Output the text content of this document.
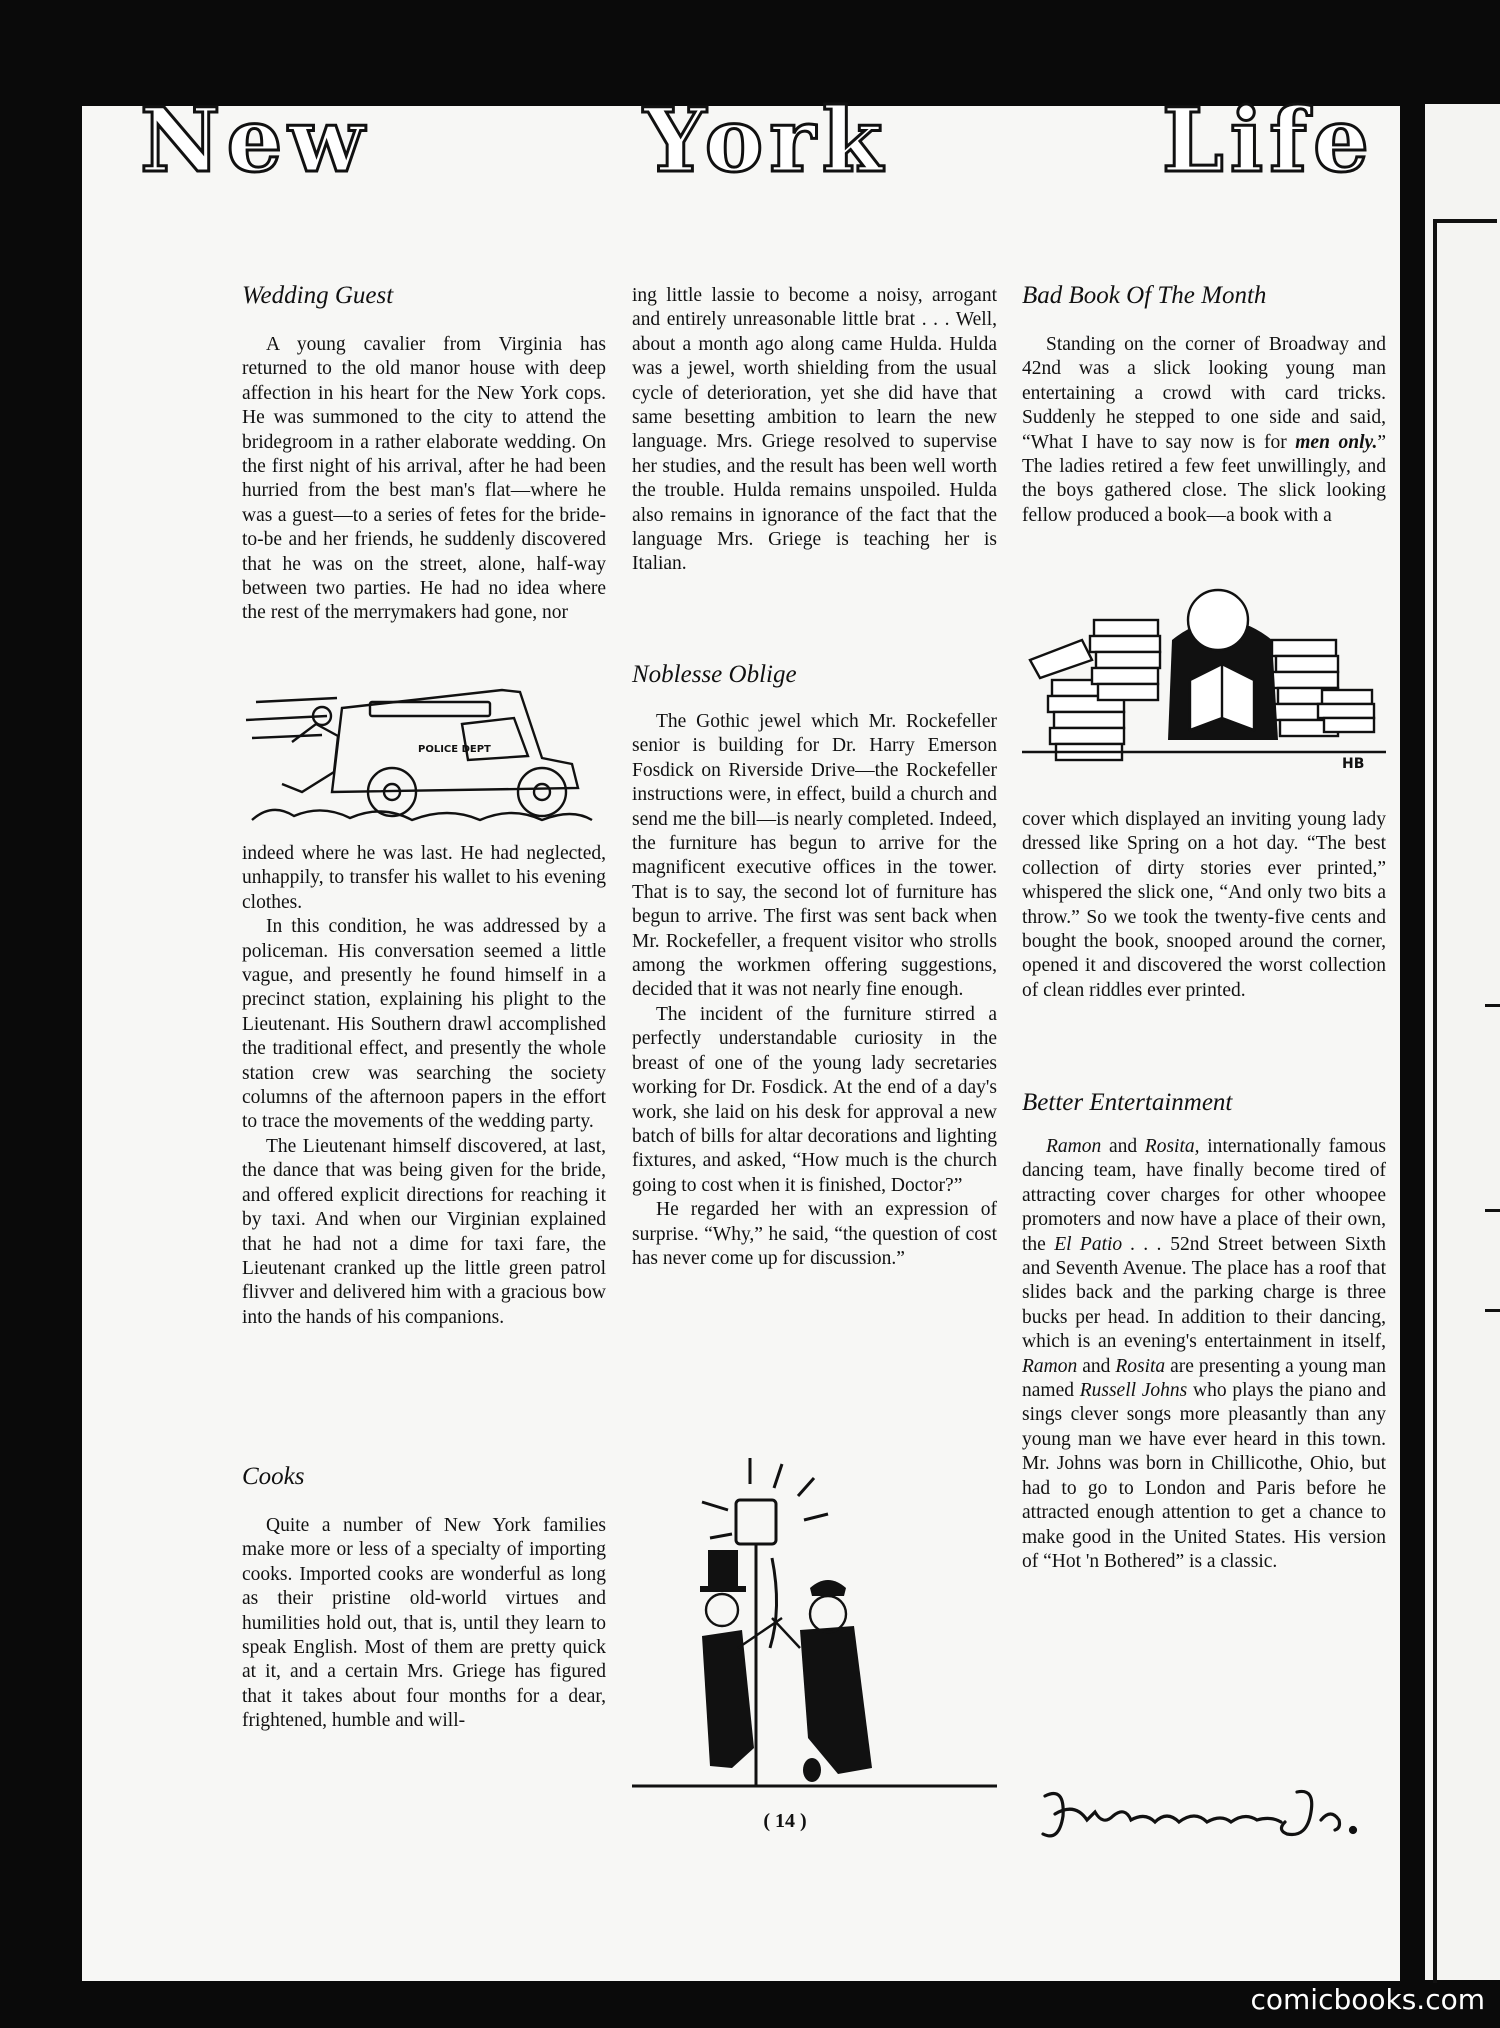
New	York	Life
Wedding Guest

A young cavalier from Virginia has returned to the old manor house with deep affection in his heart for the New York cops. He was summoned to the city to attend the bridegroom in a rather elaborate wedding. On the first night of his arrival, after he had been hurried from the best man's flat—where he was a guest—to a series of fetes for the bride-to-be and her friends, he suddenly discovered that he was on the street, alone, half-way between two parties. He had no idea where the rest of the merrymakers had gone, nor

POLICE DEPT

indeed where he was last. He had neglected, unhappily, to transfer his wallet to his evening clothes.

In this condition, he was addressed by a policeman. His conversation seemed a little vague, and presently he found himself in a precinct station, explaining his plight to the Lieutenant. His Southern drawl accomplished the traditional effect, and presently the whole station crew was searching the society columns of the afternoon papers in the effort to trace the movements of the wedding party.

The Lieutenant himself discovered, at last, the dance that was being given for the bride, and offered explicit directions for reaching it by taxi. And when our Virginian explained that he had not a dime for taxi fare, the Lieutenant cranked up the little green patrol flivver and delivered him with a gracious bow into the hands of his companions.

Cooks

Quite a number of New York families make more or less of a specialty of importing cooks. Imported cooks are wonderful as long as their pristine old-world virtues and humilities hold out, that is, until they learn to speak English. Most of them are pretty quick at it, and a certain Mrs. Griege has figured that it takes about four months for a dear, frightened, humble and will-

ing little lassie to become a noisy, arrogant and entirely unreasonable little brat . . . Well, about a month ago along came Hulda. Hulda was a jewel, worth shielding from the usual cycle of deterioration, yet she did have that same besetting ambition to learn the new language. Mrs. Griege resolved to supervise her studies, and the result has been well worth the trouble. Hulda remains unspoiled. Hulda also remains in ignorance of the fact that the language Mrs. Griege is teaching her is Italian.

Noblesse Oblige

The Gothic jewel which Mr. Rockefeller senior is building for Dr. Harry Emerson Fosdick on Riverside Drive—the Rockefeller instructions were, in effect, build a church and send me the bill—is nearly completed. Indeed, the furniture has begun to arrive for the magnificent executive offices in the tower. That is to say, the second lot of furniture has begun to arrive. The first was sent back when Mr. Rockefeller, a frequent visitor who strolls among the workmen offering suggestions, decided that it was not nearly fine enough.

The incident of the furniture stirred a perfectly understandable curiosity in the breast of one of the young lady secretaries working for Dr. Fosdick. At the end of a day's work, she laid on his desk for approval a new batch of bills for altar decorations and lighting fixtures, and asked, “How much is the church going to cost when it is finished, Doctor?”

He regarded her with an expression of surprise. “Why,” he said, “the question of cost has never come up for discussion.”

Bad Book Of The Month

Standing on the corner of Broadway and 42nd was a slick looking young man entertaining a crowd with card tricks. Suddenly he stepped to one side and said, “What I have to say now is for men only.” The ladies retired a few feet unwillingly, and the boys gathered close. The slick looking fellow produced a book—a book with a

HB

cover which displayed an inviting young lady dressed like Spring on a hot day. “The best collection of dirty stories ever printed,” whispered the slick one, “And only two bits a throw.” So we took the twenty-five cents and bought the book, snooped around the corner, opened it and discovered the worst collection of clean riddles ever printed.

Better Entertainment

Ramon and Rosita, internationally famous dancing team, have finally become tired of attracting cover charges for other whoopee promoters and now have a place of their own, the El Patio . . . 52nd Street between Sixth and Seventh Avenue. The place has a roof that slides back and the parking charge is three bucks per head. In addition to their dancing, which is an evening's entertainment in itself, Ramon and Rosita are presenting a young man named Russell Johns who plays the piano and sings clever songs more pleasantly than any young man we have ever heard in this town. Mr. Johns was born in Chillicothe, Ohio, but had to go to London and Paris before he attracted enough attention to get a chance to make good in the United States. His version of “Hot 'n Bothered” is a classic.

( 14 )
comicbooks.com
